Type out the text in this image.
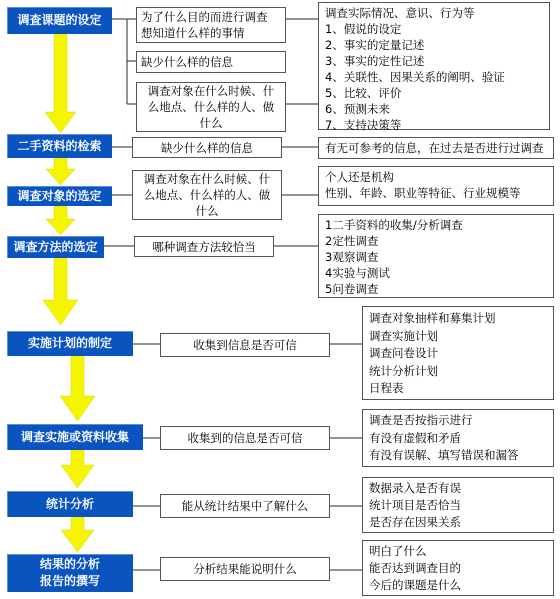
调查课题的设定
二手资料的检索
调查对象的选定
调查方法的选定
实施计划的制定
调查实施或资料收集
统计分析
结果的分析
报告的撰写
为了什么目的而进行调查
想知道什么样的事情
缺少什么样的信息
调查对象在什么时候、什
么地点、什么样的人、做
什么
缺少什么样的信息
调查对象在什么时候、什
么地点、什么样的人、做
什么
哪种调查方法较恰当
收集到信息是否可信
收集到的信息是否可信
能从统计结果中了解什么
分析结果能说明什么
调查实际情况、意识、行为等
1、假说的设定
2、事实的定量记述
3、事实的定性记述
4、关联性、因果关系的阐明、验证
5、比较、评价
6、预测未来
7、支持决策等
有无可参考的信息，在过去是否进行过调查
个人还是机构
性别、年龄、职业等特征、行业规模等
1二手资料的收集/分析调查
2定性调查
3观察调查
4实验与测试
5问卷调查
调查对象抽样和募集计划
调查实施计划
调查问卷设计
统计分析计划
日程表
调查是否按指示进行
有没有虚假和矛盾
有没有误解、填写错误和漏答
数据录入是否有误
统计项目是否恰当
是否存在因果关系
明白了什么
能否达到调查目的
今后的课题是什么
